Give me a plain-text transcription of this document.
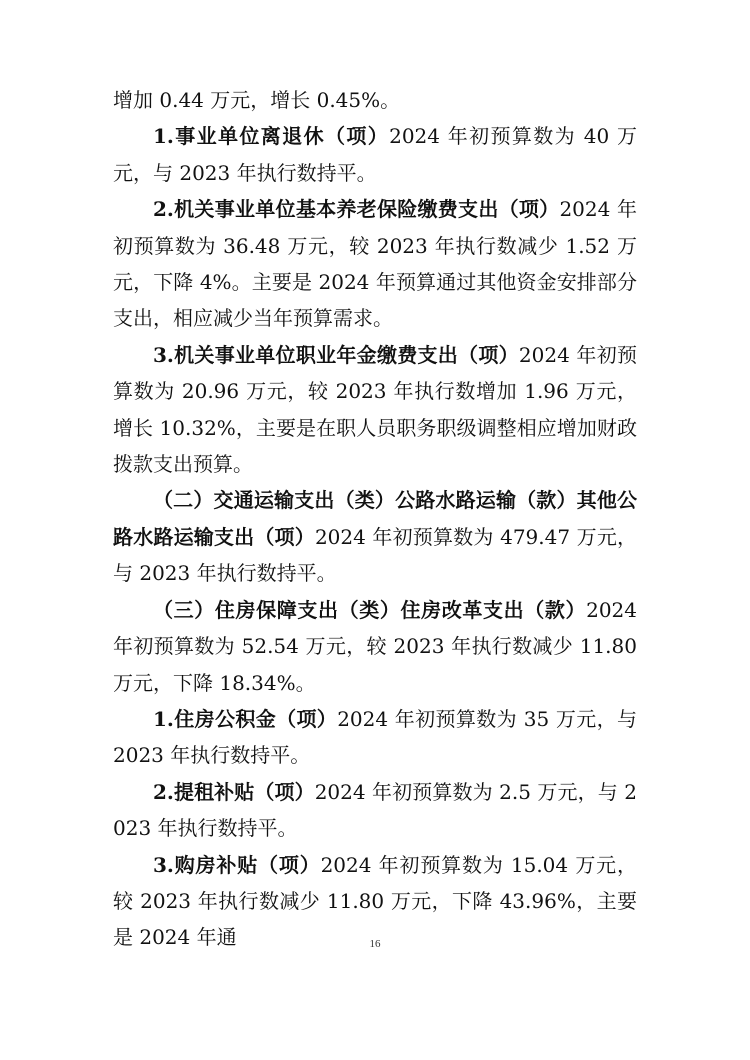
增加 0.44 万元，增长 0.45%。

1.事业单位离退休（项）2024 年初预算数为 40 万元，与 2023 年执行数持平。

2.机关事业单位基本养老保险缴费支出（项）2024 年初预算数为 36.48 万元，较 2023 年执行数减少 1.52 万元，下降 4%。主要是 2024 年预算通过其他资金安排部分支出，相应减少当年预算需求。

3.机关事业单位职业年金缴费支出（项）2024 年初预算数为 20.96 万元，较 2023 年执行数增加 1.96 万元，增长 10.32%，主要是在职人员职务职级调整相应增加财政拨款支出预算。

（二）交通运输支出（类）公路水路运输（款）其他公路水路运输支出（项）2024 年初预算数为 479.47 万元，与 2023 年执行数持平。

（三）住房保障支出（类）住房改革支出（款）2024 年初预算数为 52.54 万元，较 2023 年执行数减少 11.80 万元，下降 18.34%。

1.住房公积金（项）2024 年初预算数为 35 万元，与 2023 年执行数持平。

2.提租补贴（项）2024 年初预算数为 2.5 万元，与 2023 年执行数持平。

3.购房补贴（项）2024 年初预算数为 15.04 万元，较 2023 年执行数减少 11.80 万元，下降 43.96%，主要是 2024 年通	16
